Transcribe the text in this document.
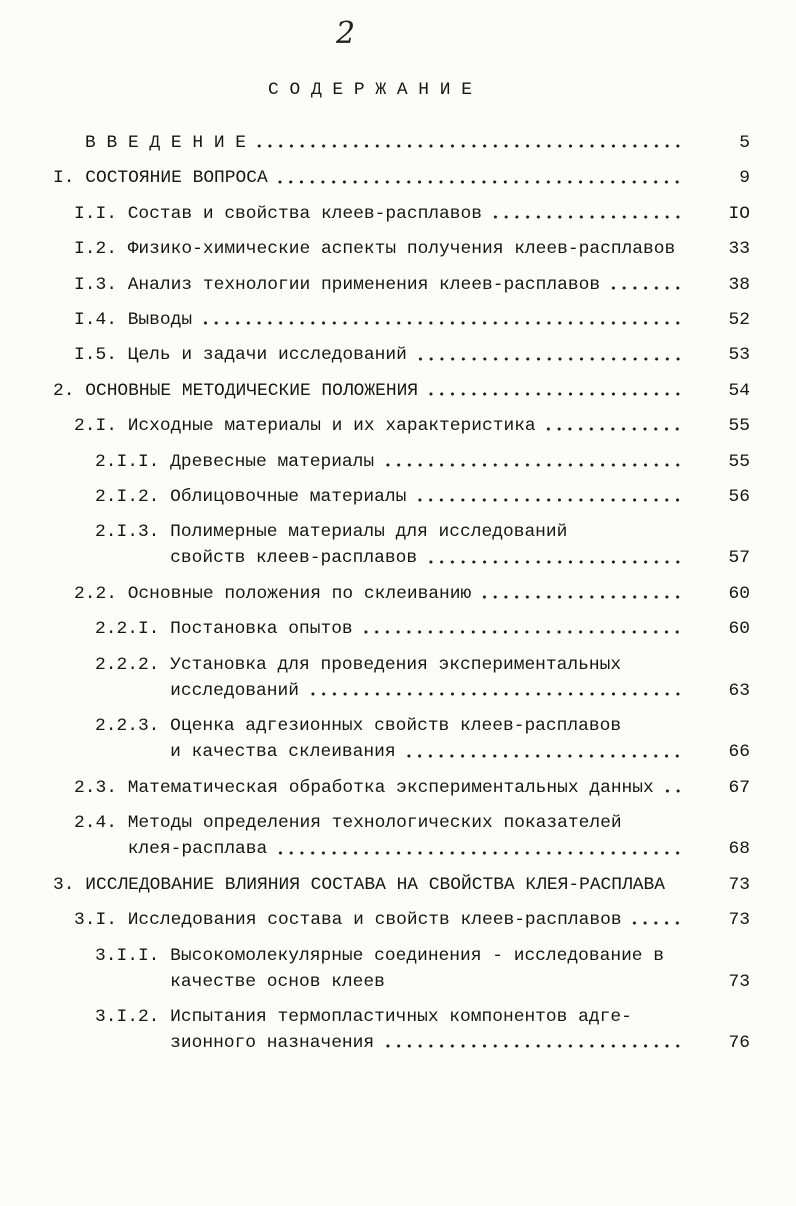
2
С О Д Е Р Ж А Н И Е
В В Е Д Е Н И Е	5
I. СОСТОЯНИЕ ВОПРОСА	9
I.I. Состав и свойства клеев-расплавов	IO
I.2. Физико-химические аспекты получения клеев-расплавов	33
I.3. Анализ технологии применения клеев-расплавов	38
I.4. Выводы	52
I.5. Цель и задачи исследований	53
2. ОСНОВНЫЕ МЕТОДИЧЕСКИЕ ПОЛОЖЕНИЯ	54
2.I. Исходные материалы и их характеристика	55
2.I.I. Древесные материалы	55
2.I.2. Облицовочные материалы	56
2.I.3. Полимерные материалы для исследований
свойств клеев-расплавов	57
2.2. Основные положения по склеиванию	60
2.2.I. Постановка опытов	60
2.2.2. Установка для проведения экспериментальных
исследований	63
2.2.3. Оценка адгезионных свойств клеев-расплавов
и качества склеивания	66
2.3. Математическая обработка экспериментальных данных	67
2.4. Методы определения технологических показателей
клея-расплава	68
3. ИССЛЕДОВАНИЕ ВЛИЯНИЯ СОСТАВА НА СВОЙСТВА КЛЕЯ-РАСПЛАВА	73
3.I. Исследования состава и свойств клеев-расплавов	73
3.I.I. Высокомолекулярные соединения - исследование в
качестве основ клеев	73
3.I.2. Испытания термопластичных компонентов адге-
зионного назначения	76
